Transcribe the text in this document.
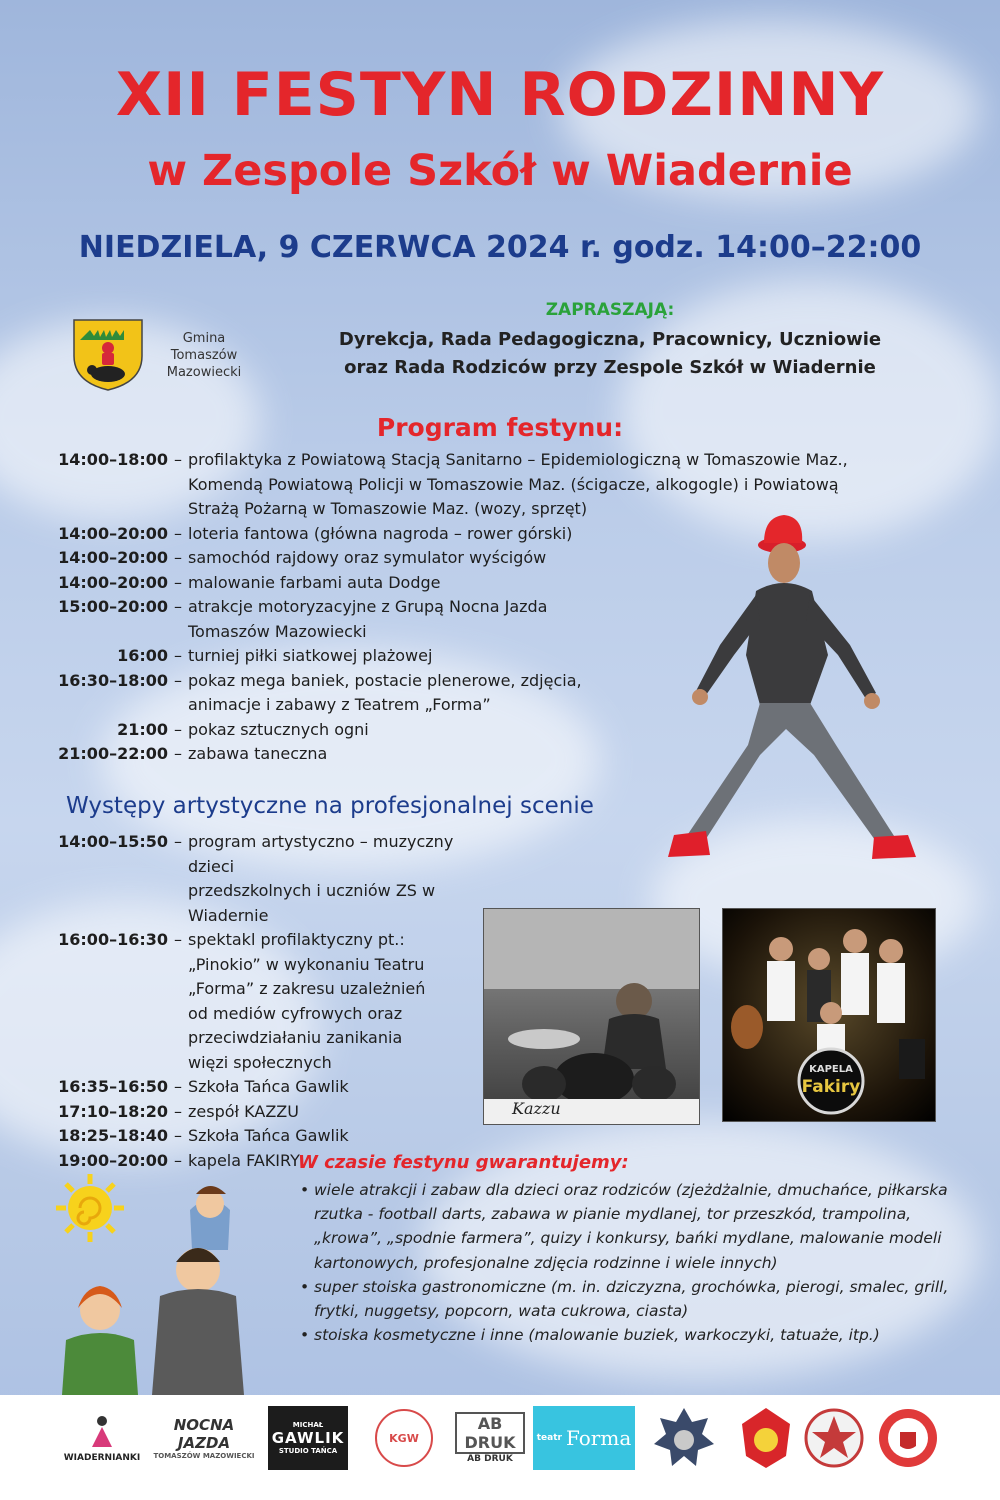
XII FESTYN RODZINNY
w Zespole Szkół w Wiadernie
NIEDZIELA, 9 CZERWCA 2024 r. godz. 14:00–22:00
Gmina
Tomaszów
Mazowiecki
ZAPRASZAJĄ:
Dyrekcja, Rada Pedagogiczna, Pracownicy, Uczniowie
oraz Rada Rodziców przy Zespole Szkół w Wiadernie
Program festynu:
14:00–18:00 – profilaktyka z Powiatową Stacją Sanitarno – Epidemiologiczną w Tomaszowie Maz.,
Komendą Powiatową Policji w Tomaszowie Maz. (ścigacze, alkogogle) i Powiatową
Strażą Pożarną w Tomaszowie Maz. (wozy, sprzęt)
14:00–20:00 – loteria fantowa (główna nagroda – rower górski)
14:00–20:00 – samochód rajdowy oraz symulator wyścigów
14:00–20:00 – malowanie farbami auta Dodge
15:00–20:00 – atrakcje motoryzacyjne z Grupą Nocna Jazda
Tomaszów Mazowiecki
16:00 – turniej piłki siatkowej plażowej
16:30–18:00 – pokaz mega baniek, postacie plenerowe, zdjęcia,
animacje i zabawy z Teatrem „Forma”
21:00 – pokaz sztucznych ogni
21:00–22:00 – zabawa taneczna
Występy artystyczne na profesjonalnej scenie
14:00–15:50 – program artystyczno – muzyczny dzieci
przedszkolnych i uczniów ZS w Wiadernie
16:00–16:30 – spektakl profilaktyczny pt.:
„Pinokio” w wykonaniu Teatru
„Forma” z zakresu uzależnień
od mediów cyfrowych oraz
przeciwdziałaniu zanikania
więzi społecznych
16:35–16:50 – Szkoła Tańca Gawlik
17:10–18:20 – zespół KAZZU
18:25–18:40 – Szkoła Tańca Gawlik
19:00–20:00 – kapela FAKIRY
Kazzu
KAPELA
Fakiry
W czasie festynu gwarantujemy:
• wiele atrakcji i zabaw dla dzieci oraz rodziców (zjeżdżalnie, dmuchańce, piłkarska rzutka - football darts, zabawa w pianie mydlanej, tor przeszkód, trampolina, „krowa”, „spodnie farmera”, quizy i konkursy, bańki mydlane, malowanie modeli kartonowych, profesjonalne zdjęcia rodzinne i wiele innych)
• super stoiska gastronomiczne (m. in. dziczyzna, grochówka, pierogi, smalec, grill, frytki, nuggetsy, popcorn, wata cukrowa, ciasta)
• stoiska kosmetyczne i inne (malowanie buziek, warkoczyki, tatuaże, itp.)
WIADERNIANKI
NOCNA JAZDA
TOMASZÓW MAZOWIECKI
MICHAŁ
GAWLIK
STUDIO TAŃCA
KGW
AB DRUK
AB DRUK
teatr Forma
